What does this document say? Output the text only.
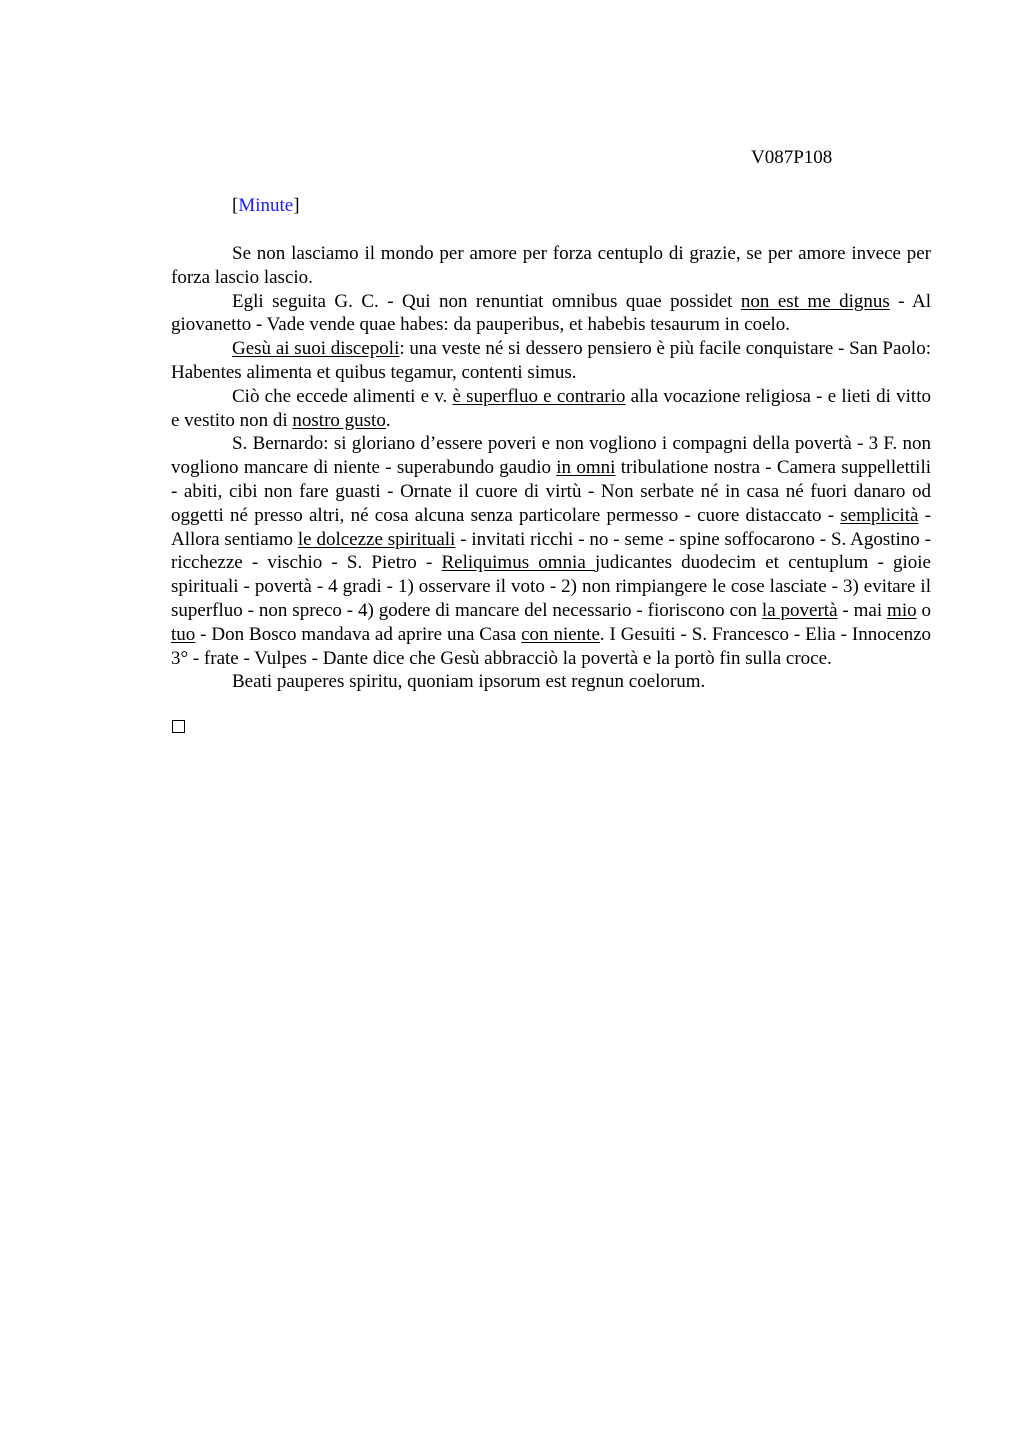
V087P108
[Minute]

Se non lasciamo il mondo per amore per forza centuplo di grazie, se per amore invece per forza lascio lascio.

Egli seguita G. C. - Qui non renuntiat omnibus quae possidet non est me dignus - Al giovanetto - Vade vende quae habes: da pauperibus, et habebis tesaurum in coelo.

Gesù ai suoi discepoli: una veste né si dessero pensiero è più facile conquistare - San Paolo: Habentes alimenta et quibus tegamur, contenti simus.

Ciò che eccede alimenti e v. è superfluo e contrario alla vocazione religiosa - e lieti di vitto e vestito non di nostro gusto.

S. Bernardo: si gloriano d’essere poveri e non vogliono i compagni della povertà - 3 F. non vogliono mancare di niente - superabundo gaudio in omni tribulatione nostra - Camera suppellettili - abiti, cibi non fare guasti - Ornate il cuore di virtù - Non serbate né in casa né fuori danaro od oggetti né presso altri, né cosa alcuna senza particolare permesso - cuore distaccato - semplicità - Allora sentiamo le dolcezze spirituali - invitati ricchi - no - seme - spine soffocarono - S. Agostino - ricchezze - vischio - S. Pietro - Reliquimus omnia judicantes duodecim et centuplum - gioie spirituali - povertà - 4 gradi - 1) osservare il voto - 2) non rimpiangere le cose lasciate - 3) evitare il superfluo - non spreco - 4) godere di mancare del necessario - fioriscono con la povertà - mai mio o tuo - Don Bosco mandava ad aprire una Casa con niente. I Gesuiti - S. Francesco - Elia - Innocenzo 3° - frate - Vulpes - Dante dice che Gesù abbracciò la povertà e la portò fin sulla croce.

Beati pauperes spiritu, quoniam ipsorum est regnun coelorum.
